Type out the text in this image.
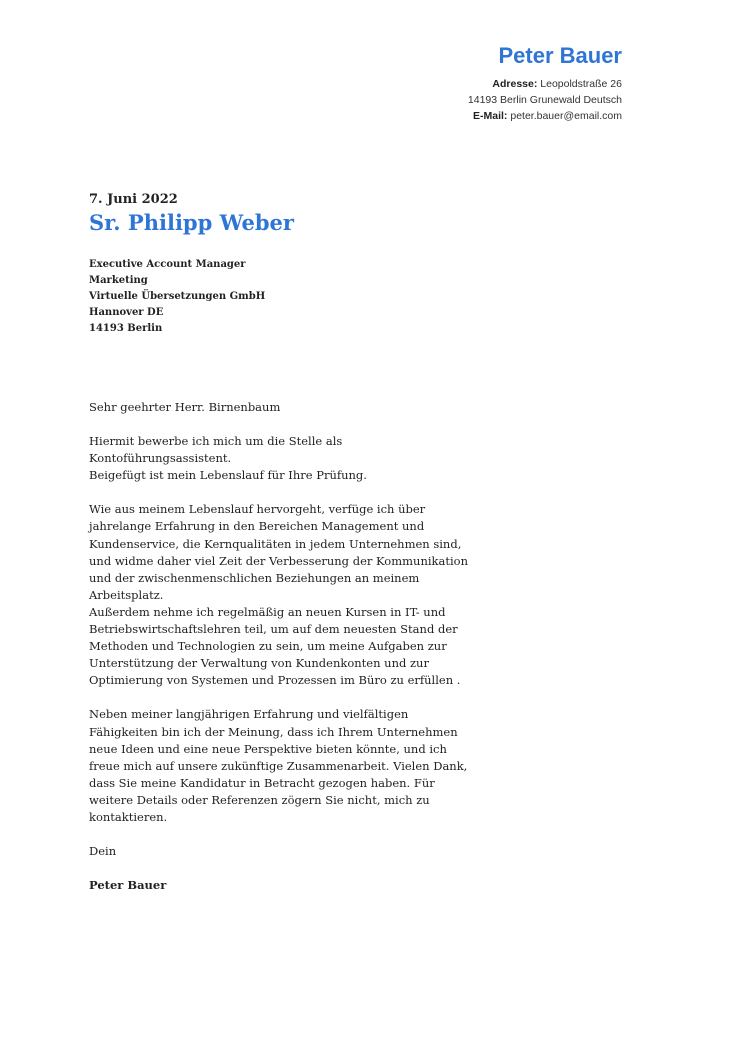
Peter Bauer
Adresse: Leopoldstraße 26
14193 Berlin Grunewald Deutsch
E-Mail: peter.bauer@email.com
7. Juni 2022
Sr. Philipp Weber
Executive Account Manager
Marketing
Virtuelle Übersetzungen GmbH
Hannover DE
14193 Berlin

Sehr geehrter Herr. Birnenbaum

Hiermit bewerbe ich mich um die Stelle als Kontoführungsassistent.
Beigefügt ist mein Lebenslauf für Ihre Prüfung.

Wie aus meinem Lebenslauf hervorgeht, verfüge ich über jahrelange Erfahrung in den Bereichen Management und Kundenservice, die Kernqualitäten in jedem Unternehmen sind, und widme daher viel Zeit der Verbesserung der Kommunikation und der zwischenmenschlichen Beziehungen an meinem Arbeitsplatz.
Außerdem nehme ich regelmäßig an neuen Kursen in IT- und Betriebswirtschaftslehren teil, um auf dem neuesten Stand der Methoden und Technologien zu sein, um meine Aufgaben zur Unterstützung der Verwaltung von Kundenkonten und zur Optimierung von Systemen und Prozessen im Büro zu erfüllen .

Neben meiner langjährigen Erfahrung und vielfältigen Fähigkeiten bin ich der Meinung, dass ich Ihrem Unternehmen neue Ideen und eine neue Perspektive bieten könnte, und ich freue mich auf unsere zukünftige Zusammenarbeit. Vielen Dank, dass Sie meine Kandidatur in Betracht gezogen haben. Für weitere Details oder Referenzen zögern Sie nicht, mich zu kontaktieren.

Dein

Peter Bauer
